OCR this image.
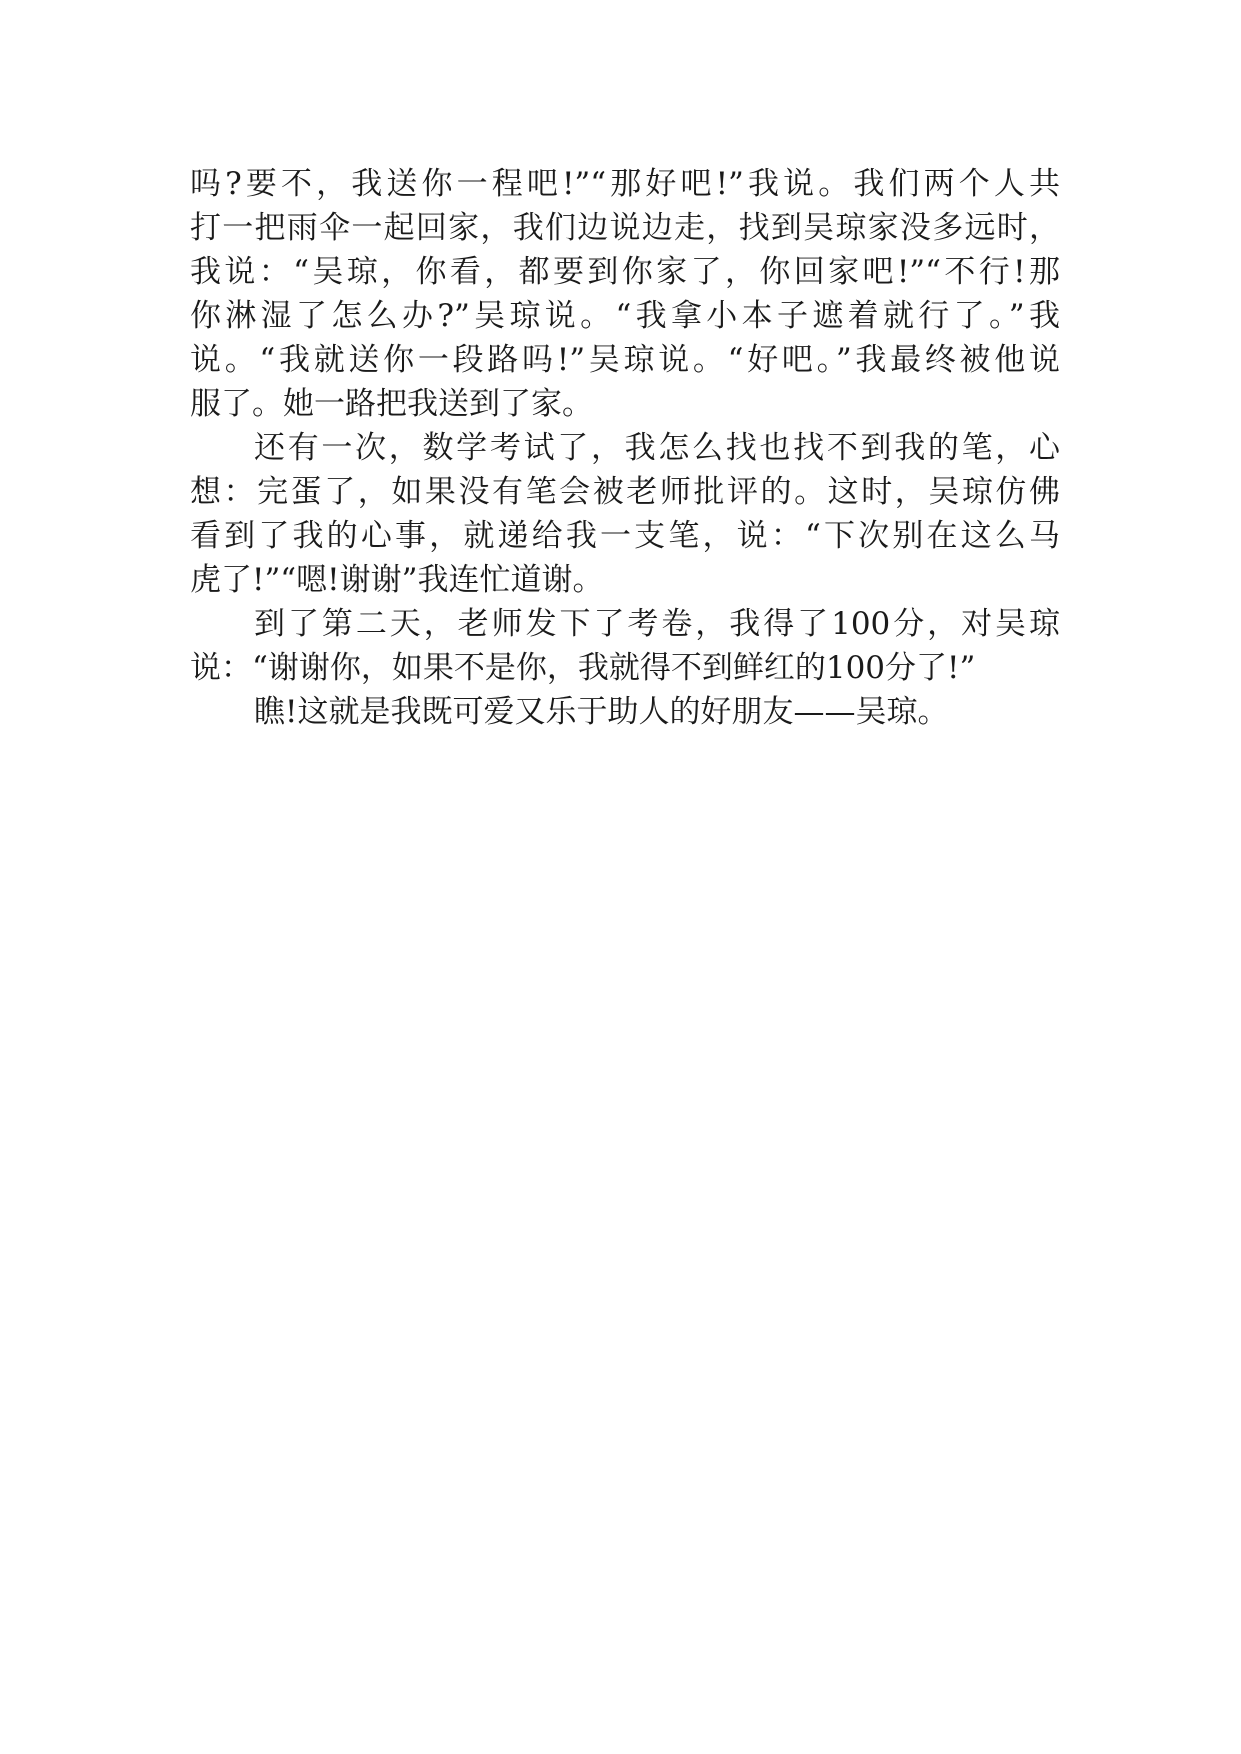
吗?要不，我送你一程吧!”“那好吧!”我说。我们两个人共
打一把雨伞一起回家，我们边说边走，找到吴琼家没多远时，
我说：“吴琼，你看，都要到你家了，你回家吧!”“不行!那
你淋湿了怎么办?”吴琼说。“我拿小本子遮着就行了。”我
说。“我就送你一段路吗!”吴琼说。“好吧。”我最终被他说
服了。她一路把我送到了家。
还有一次，数学考试了，我怎么找也找不到我的笔，心
想：完蛋了，如果没有笔会被老师批评的。这时，吴琼仿佛
看到了我的心事，就递给我一支笔，说：“下次别在这么马
虎了!”“嗯!谢谢”我连忙道谢。
到了第二天，老师发下了考卷，我得了100分，对吴琼
说：“谢谢你，如果不是你，我就得不到鲜红的100分了!”
瞧!这就是我既可爱又乐于助人的好朋友——吴琼。
